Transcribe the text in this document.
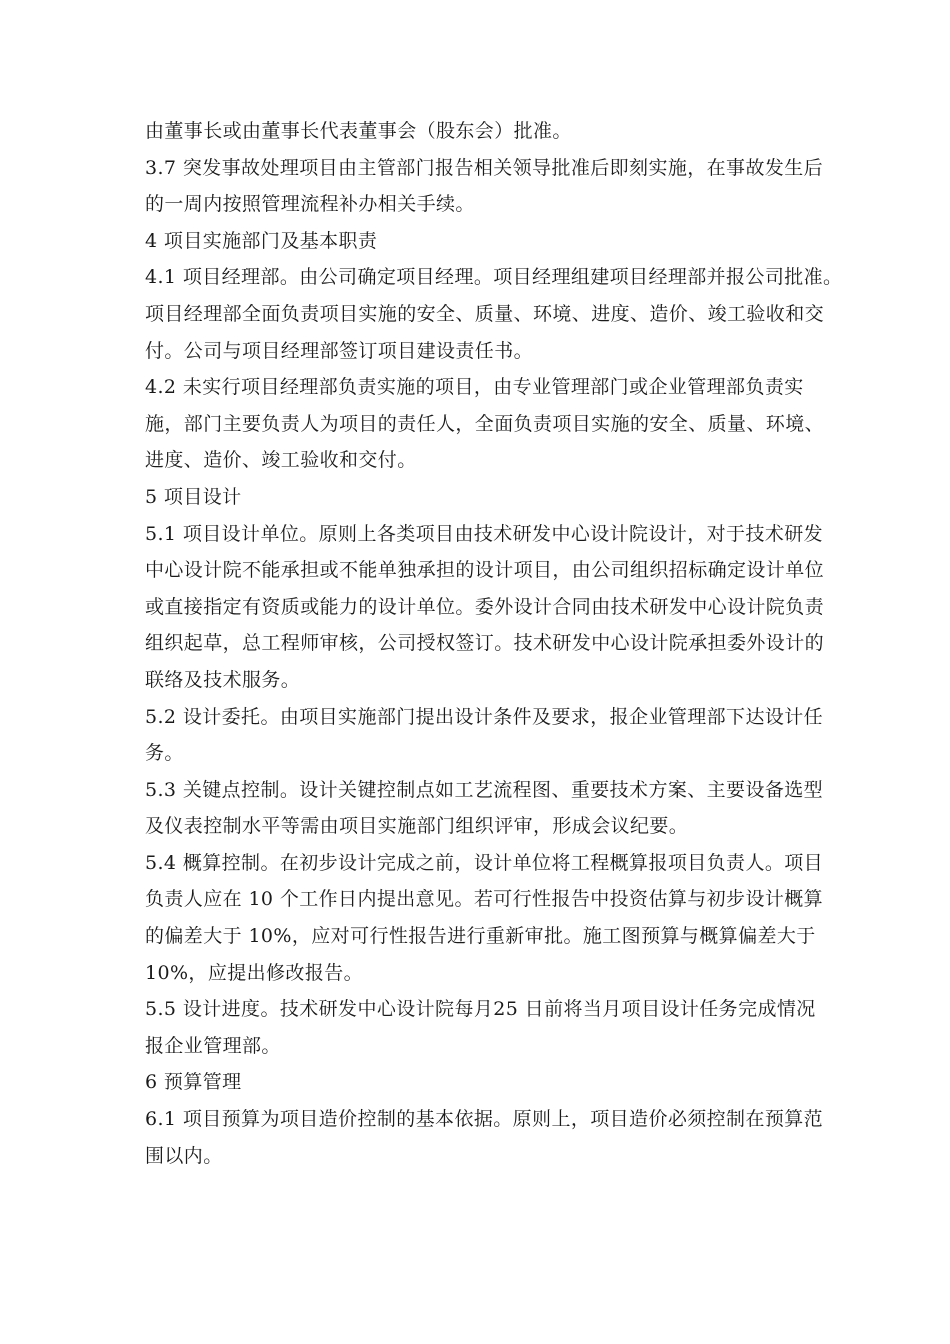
由董事长或由董事长代表董事会（股东会）批准。
3.7 突发事故处理项目由主管部门报告相关领导批准后即刻实施，在事故发生后
的一周内按照管理流程补办相关手续。
4 项目实施部门及基本职责
4.1 项目经理部。由公司确定项目经理。项目经理组建项目经理部并报公司批准。
项目经理部全面负责项目实施的安全、质量、环境、进度、造价、竣工验收和交
付。公司与项目经理部签订项目建设责任书。
4.2 未实行项目经理部负责实施的项目，由专业管理部门或企业管理部负责实
施，部门主要负责人为项目的责任人，全面负责项目实施的安全、质量、环境、
进度、造价、竣工验收和交付。
5 项目设计
5.1 项目设计单位。原则上各类项目由技术研发中心设计院设计，对于技术研发
中心设计院不能承担或不能单独承担的设计项目，由公司组织招标确定设计单位
或直接指定有资质或能力的设计单位。委外设计合同由技术研发中心设计院负责
组织起草，总工程师审核，公司授权签订。技术研发中心设计院承担委外设计的
联络及技术服务。
5.2 设计委托。由项目实施部门提出设计条件及要求，报企业管理部下达设计任
务。
5.3 关键点控制。设计关键控制点如工艺流程图、重要技术方案、主要设备选型
及仪表控制水平等需由项目实施部门组织评审，形成会议纪要。
5.4 概算控制。在初步设计完成之前，设计单位将工程概算报项目负责人。项目
负责人应在 10 个工作日内提出意见。若可行性报告中投资估算与初步设计概算
的偏差大于 10%，应对可行性报告进行重新审批。施工图预算与概算偏差大于
10%，应提出修改报告。
5.5 设计进度。技术研发中心设计院每月25 日前将当月项目设计任务完成情况
报企业管理部。
6 预算管理
6.1 项目预算为项目造价控制的基本依据。原则上，项目造价必须控制在预算范
围以内。
